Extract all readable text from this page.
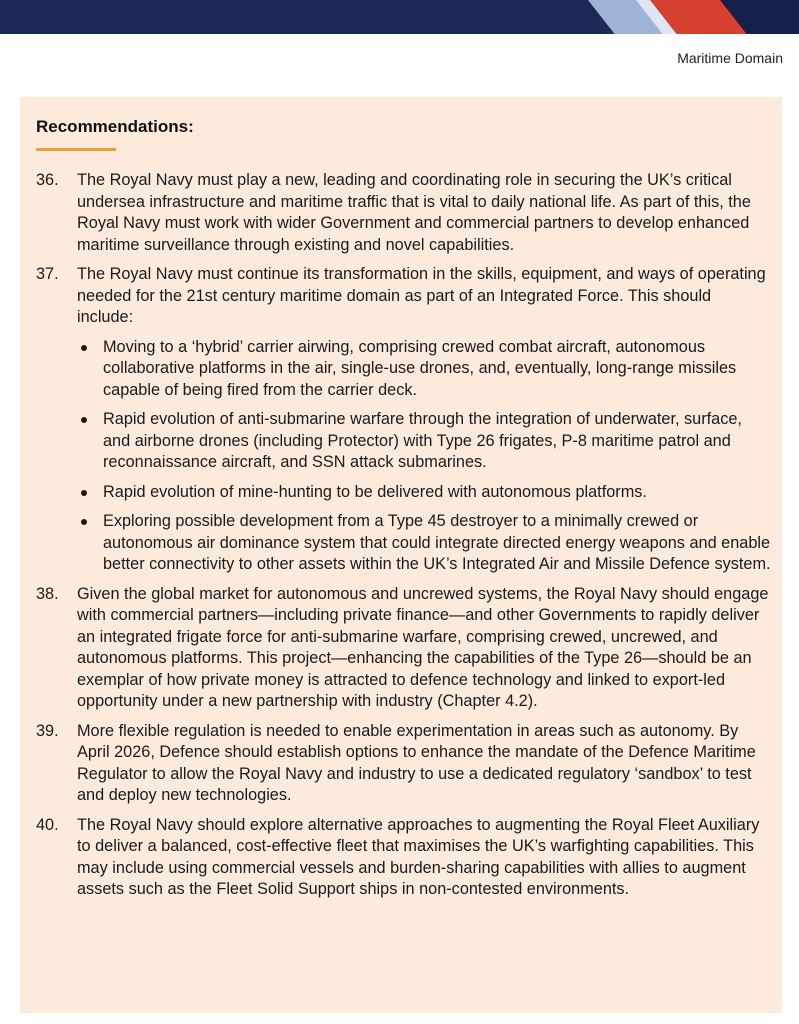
Maritime Domain
Recommendations:
36. The Royal Navy must play a new, leading and coordinating role in securing the UK’s critical undersea infrastructure and maritime traffic that is vital to daily national life. As part of this, the Royal Navy must work with wider Government and commercial partners to develop enhanced maritime surveillance through existing and novel capabilities.
37. The Royal Navy must continue its transformation in the skills, equipment, and ways of operating needed for the 21st century maritime domain as part of an Integrated Force. This should include:
Moving to a ‘hybrid’ carrier airwing, comprising crewed combat aircraft, autonomous collaborative platforms in the air, single-use drones, and, eventually, long-range missiles capable of being fired from the carrier deck.
Rapid evolution of anti-submarine warfare through the integration of underwater, surface, and airborne drones (including Protector) with Type 26 frigates, P-8 maritime patrol and reconnaissance aircraft, and SSN attack submarines.
Rapid evolution of mine-hunting to be delivered with autonomous platforms.
Exploring possible development from a Type 45 destroyer to a minimally crewed or autonomous air dominance system that could integrate directed energy weapons and enable better connectivity to other assets within the UK’s Integrated Air and Missile Defence system.
38. Given the global market for autonomous and uncrewed systems, the Royal Navy should engage with commercial partners—including private finance—and other Governments to rapidly deliver an integrated frigate force for anti-submarine warfare, comprising crewed, uncrewed, and autonomous platforms. This project—enhancing the capabilities of the Type 26—should be an exemplar of how private money is attracted to defence technology and linked to export-led opportunity under a new partnership with industry (Chapter 4.2).
39. More flexible regulation is needed to enable experimentation in areas such as autonomy. By April 2026, Defence should establish options to enhance the mandate of the Defence Maritime Regulator to allow the Royal Navy and industry to use a dedicated regulatory ‘sandbox’ to test and deploy new technologies.
40. The Royal Navy should explore alternative approaches to augmenting the Royal Fleet Auxiliary to deliver a balanced, cost-effective fleet that maximises the UK’s warfighting capabilities. This may include using commercial vessels and burden-sharing capabilities with allies to augment assets such as the Fleet Solid Support ships in non-contested environments.
